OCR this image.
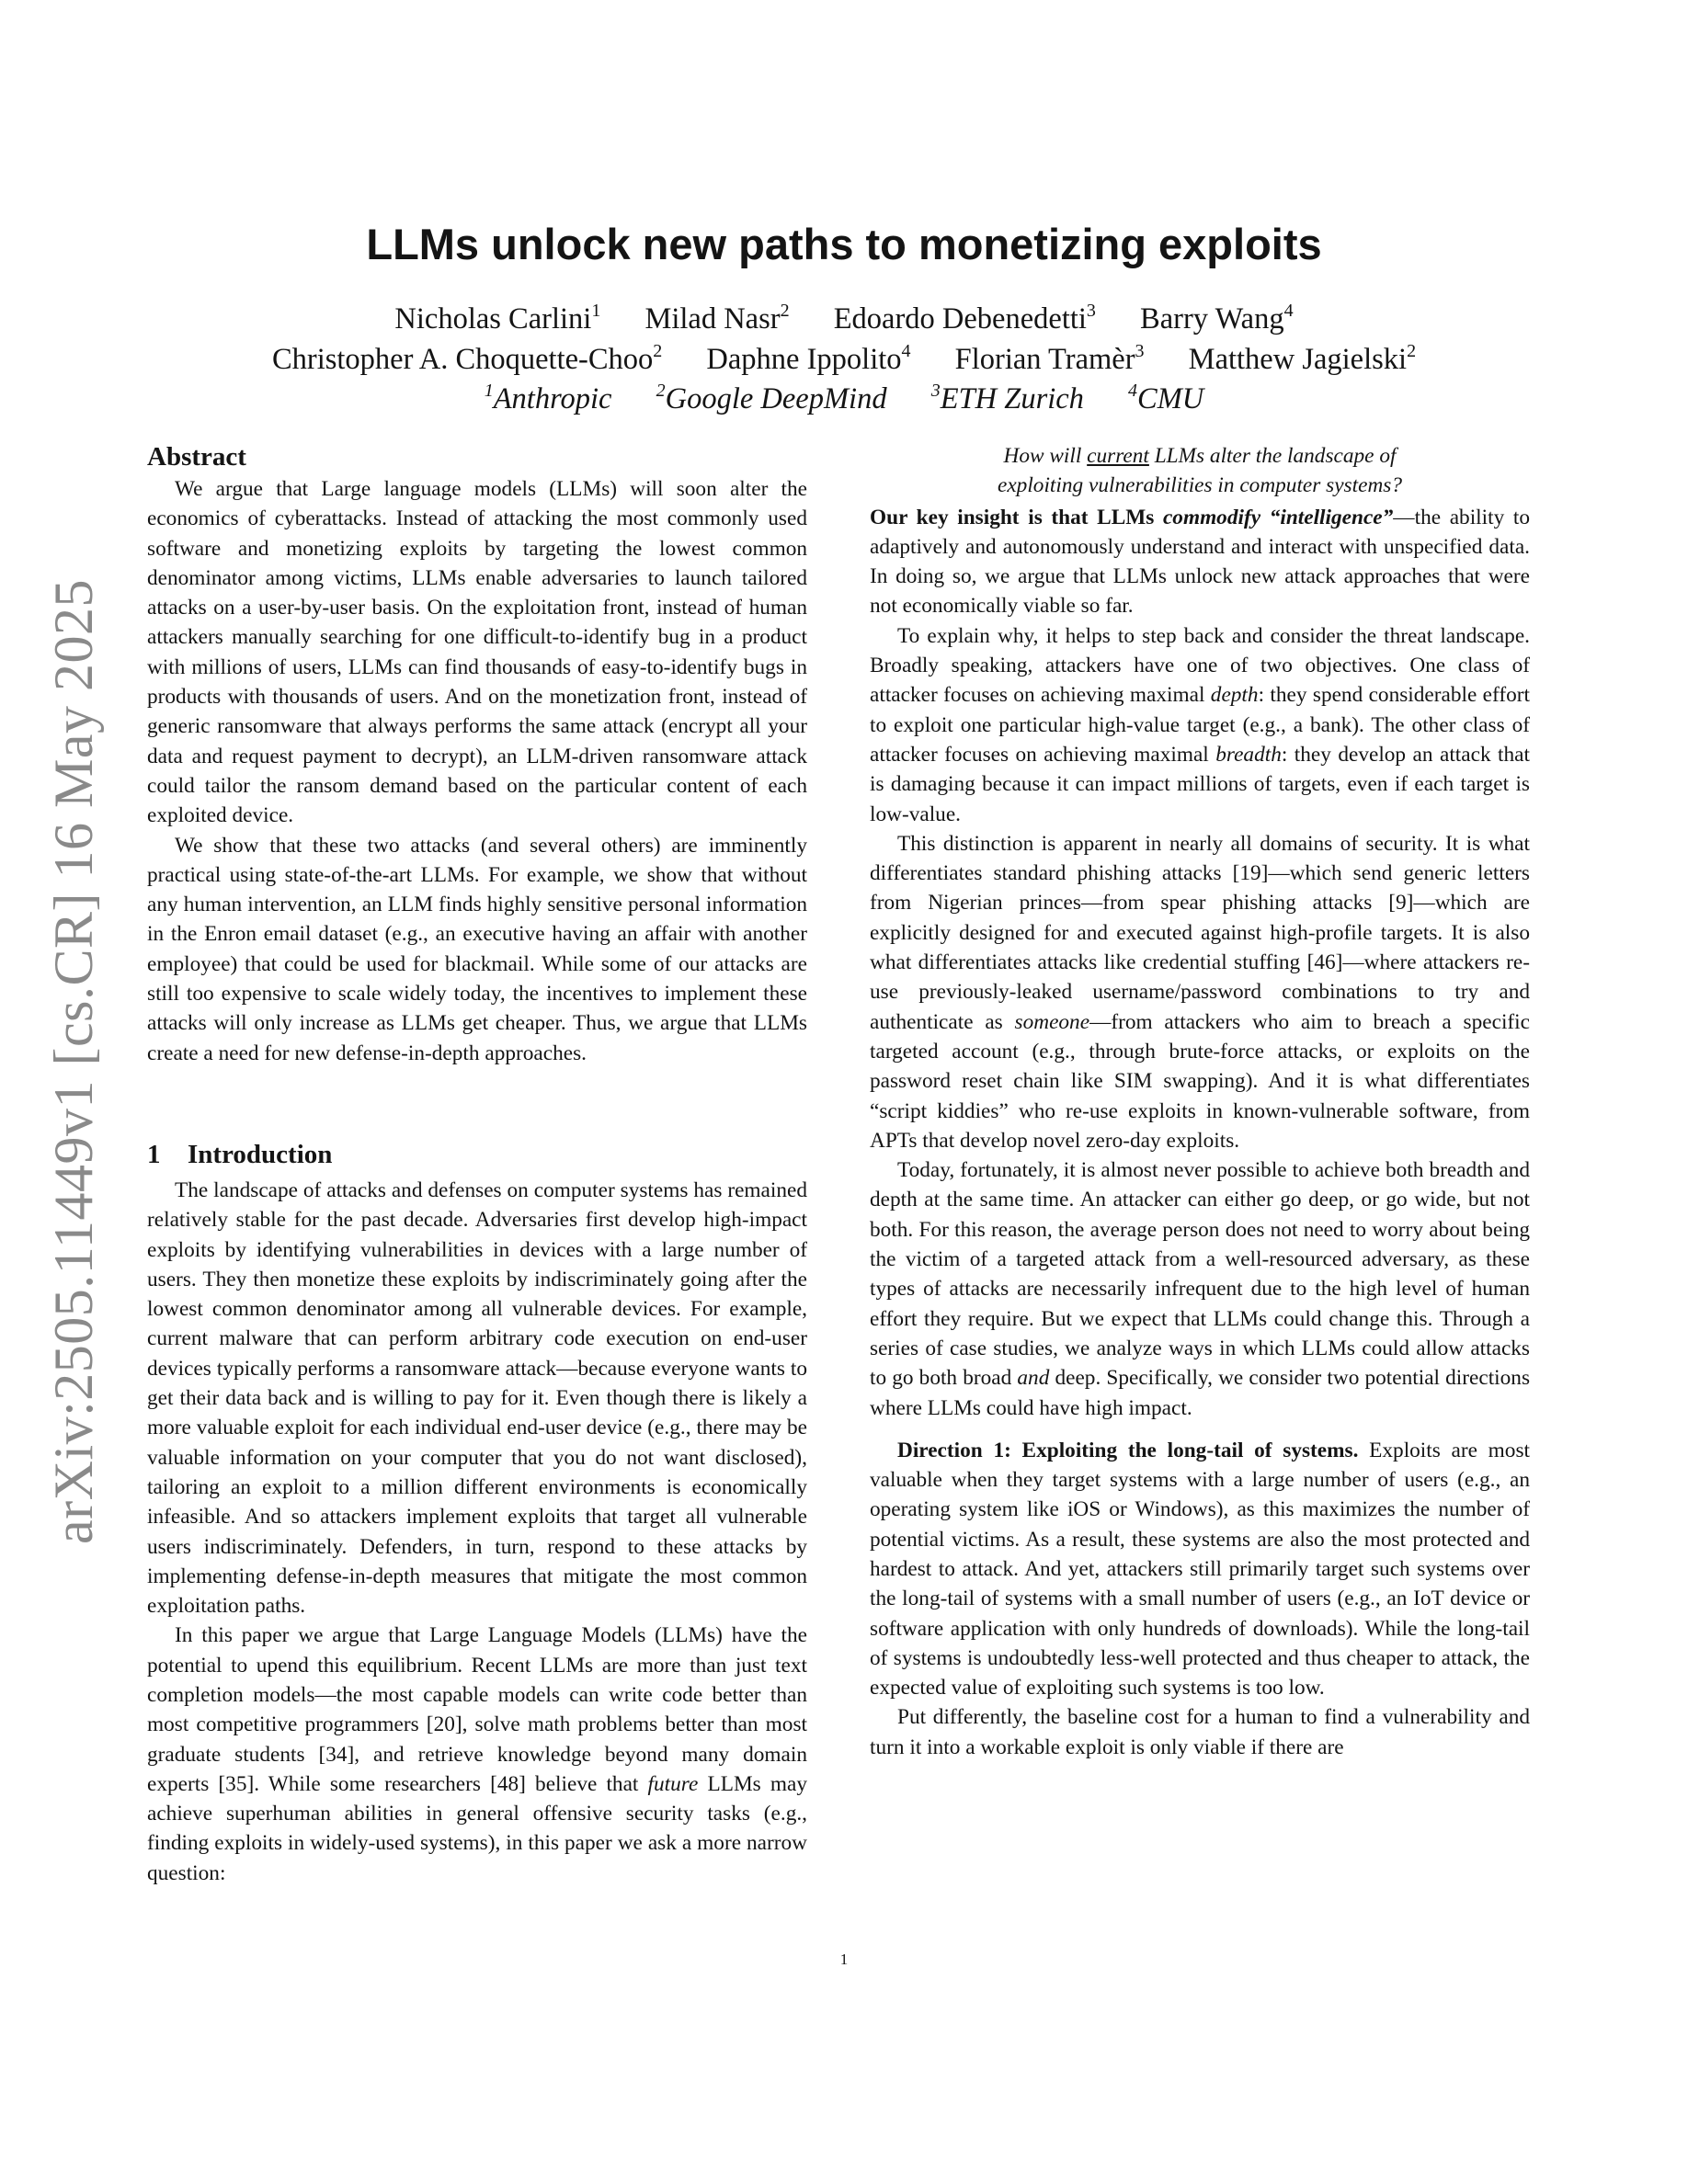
arXiv:2505.11449v1 [cs.CR] 16 May 2025
LLMs unlock new paths to monetizing exploits
Nicholas Carlini$^1$ Milad Nasr$^2$ Edoardo Debenedetti$^3$ Barry Wang$^4$
Christopher A. Choquette-Choo$^2$ Daphne Ippolito$^4$ Florian Tramèr$^3$ Matthew Jagielski$^2$
$^1$Anthropic $^2$Google DeepMind $^3$ETH Zurich $^4$CMU
Abstract

We argue that Large language models (LLMs) will soon alter the economics of cyberattacks. Instead of attacking the most commonly used software and monetizing exploits by targeting the lowest common denominator among victims, LLMs enable adversaries to launch tailored attacks on a user-by-user basis. On the exploitation front, instead of human attackers manually searching for one difficult-to-identify bug in a product with millions of users, LLMs can find thousands of easy-to-identify bugs in products with thousands of users. And on the monetization front, instead of generic ransomware that always performs the same attack (encrypt all your data and request payment to decrypt), an LLM-driven ransomware attack could tailor the ransom demand based on the particular content of each exploited device.

We show that these two attacks (and several others) are imminently practical using state-of-the-art LLMs. For example, we show that without any human intervention, an LLM finds highly sensitive personal information in the Enron email dataset (e.g., an executive having an affair with another employee) that could be used for blackmail. While some of our attacks are still too expensive to scale widely today, the incentives to implement these attacks will only increase as LLMs get cheaper. Thus, we argue that LLMs create a need for new defense-in-depth approaches.

1 Introduction

The landscape of attacks and defenses on computer systems has remained relatively stable for the past decade. Adversaries first develop high-impact exploits by identifying vulnerabilities in devices with a large number of users. They then monetize these exploits by indiscriminately going after the lowest common denominator among all vulnerable devices. For example, current malware that can perform arbitrary code execution on end-user devices typically performs a ransomware attack—because everyone wants to get their data back and is willing to pay for it. Even though there is likely a more valuable exploit for each individual end-user device (e.g., there may be valuable information on your computer that you do not want disclosed), tailoring an exploit to a million different environments is economically infeasible. And so attackers implement exploits that target all vulnerable users indiscriminately. Defenders, in turn, respond to these attacks by implementing defense-in-depth measures that mitigate the most common exploitation paths.

In this paper we argue that Large Language Models (LLMs) have the potential to upend this equilibrium. Recent LLMs are more than just text completion models—the most capable models can write code better than most competitive programmers [20], solve math problems better than most graduate students [34], and retrieve knowledge beyond many domain experts [35]. While some researchers [48] believe that future LLMs may achieve superhuman abilities in general offensive security tasks (e.g., finding exploits in widely-used systems), in this paper we ask a more narrow question:

How will current LLMs alter the landscape of
exploiting vulnerabilities in computer systems?

Our key insight is that LLMs commodify “intelligence”—the ability to adaptively and autonomously understand and interact with unspecified data. In doing so, we argue that LLMs unlock new attack approaches that were not economically viable so far.

To explain why, it helps to step back and consider the threat landscape. Broadly speaking, attackers have one of two objectives. One class of attacker focuses on achieving maximal depth: they spend considerable effort to exploit one particular high-value target (e.g., a bank). The other class of attacker focuses on achieving maximal breadth: they develop an attack that is damaging because it can impact millions of targets, even if each target is low-value.

This distinction is apparent in nearly all domains of security. It is what differentiates standard phishing attacks [19]—which send generic letters from Nigerian princes—from spear phishing attacks [9]—which are explicitly designed for and executed against high-profile targets. It is also what differentiates attacks like credential stuffing [46]—where attackers re-use previously-leaked username/password combinations to try and authenticate as someone—from attackers who aim to breach a specific targeted account (e.g., through brute-force attacks, or exploits on the password reset chain like SIM swapping). And it is what differentiates “script kiddies” who re-use exploits in known-vulnerable software, from APTs that develop novel zero-day exploits.

Today, fortunately, it is almost never possible to achieve both breadth and depth at the same time. An attacker can either go deep, or go wide, but not both. For this reason, the average person does not need to worry about being the victim of a targeted attack from a well-resourced adversary, as these types of attacks are necessarily infrequent due to the high level of human effort they require. But we expect that LLMs could change this. Through a series of case studies, we analyze ways in which LLMs could allow attacks to go both broad and deep. Specifically, we consider two potential directions where LLMs could have high impact.

Direction 1: Exploiting the long-tail of systems. Exploits are most valuable when they target systems with a large number of users (e.g., an operating system like iOS or Windows), as this maximizes the number of potential victims. As a result, these systems are also the most protected and hardest to attack. And yet, attackers still primarily target such systems over the long-tail of systems with a small number of users (e.g., an IoT device or software application with only hundreds of downloads). While the long-tail of systems is undoubtedly less-well protected and thus cheaper to attack, the expected value of exploiting such systems is too low.

Put differently, the baseline cost for a human to find a vulnerability and turn it into a workable exploit is only viable if there are

1
